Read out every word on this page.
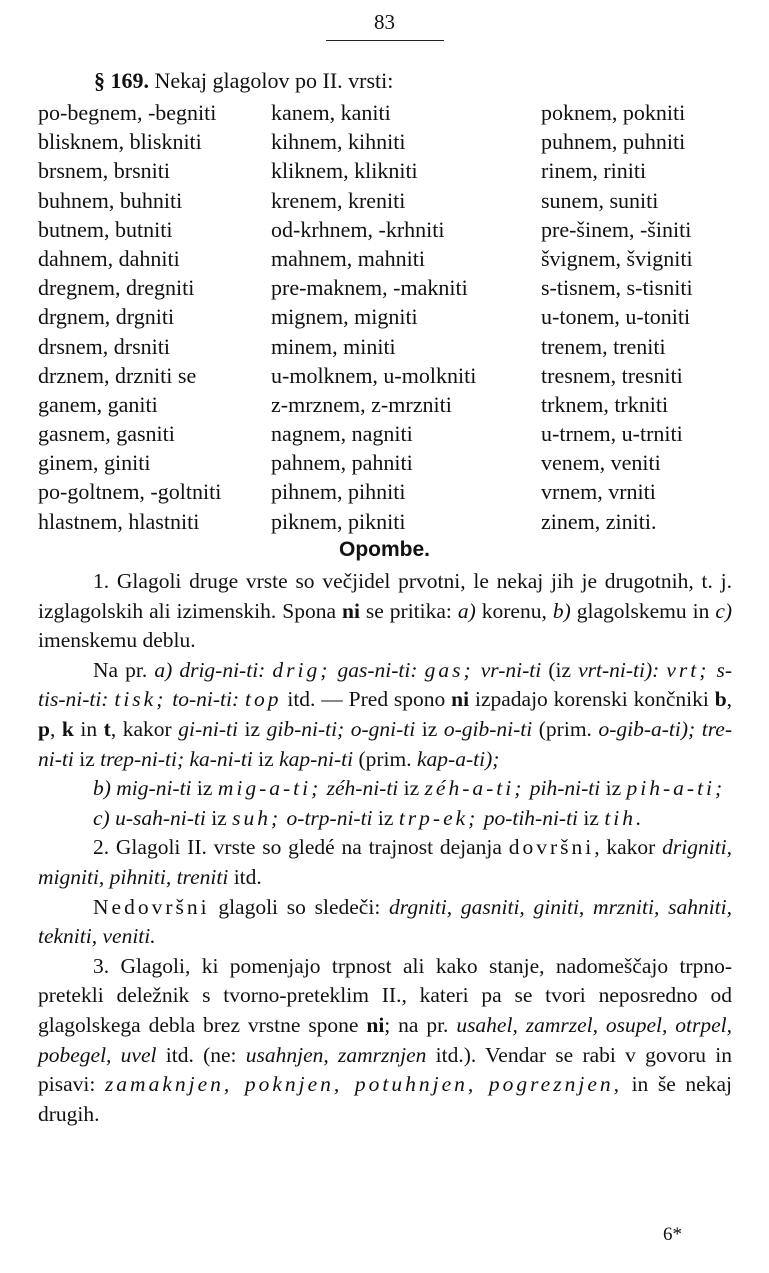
83
§ 169. Nekaj glagolov po II. vrsti:
po-begnem, -begniti
blisknem, bliskniti
brsnem, brsniti
buhnem, buhniti
butnem, butniti
dahnem, dahniti
dregnem, dregniti
drgnem, drgniti
drsnem, drsniti
drznem, drzniti se
ganem, ganiti
gasnem, gasniti
ginem, giniti
po-goltnem, -goltniti
hlastnem, hlastniti
kanem, kaniti
kihnem, kihniti
kliknem, klikniti
krenem, kreniti
od-krhnem, -krhniti
mahnem, mahniti
pre-maknem, -makniti
mignem, migniti
minem, miniti
u-molknem, u-molkniti
z-mrznem, z-mrzniti
nagnem, nagniti
pahnem, pahniti
pihnem, pihniti
piknem, pikniti
poknem, pokniti
puhnem, puhniti
rinem, riniti
sunem, suniti
pre-šinem, -šiniti
švignem, švigniti
s-tisnem, s-tisniti
u-tonem, u-toniti
trenem, treniti
tresnem, tresniti
trknem, trkniti
u-trnem, u-trniti
venem, veniti
vrnem, vrniti
zinem, ziniti.
Opombe.

1. Glagoli druge vrste so večjidel prvotni, le nekaj jih je drugotnih, t. j. izglagolskih ali izimenskih. Spona ni se pritika: a) korenu, b) glagolskemu in c) imenskemu deblu.

Na pr. a) drig-ni-ti: drig; gas-ni-ti: gas; vr-ni-ti (iz vrt-ni-ti): vrt; s-tis-ni-ti: tisk; to-ni-ti: top itd. — Pred spono ni izpadajo korenski končniki b, p, k in t, kakor gi-ni-ti iz gib-ni-ti; o-gni-ti iz o-gib-ni-ti (prim. o-gib-a-ti); tre-ni-ti iz trep-ni-ti; ka-ni-ti iz kap-ni-ti (prim. kap-a-ti);

b) mig-ni-ti iz mig-a-ti; zéh-ni-ti iz zéh-a-ti; pih-ni-ti iz pih-a-ti;

c) u-sah-ni-ti iz suh; o-trp-ni-ti iz trp-ek; po-tih-ni-ti iz tih.

2. Glagoli II. vrste so gledé na trajnost dejanja dovršni, kakor drigniti, migniti, pihniti, treniti itd.

Nedovršni glagoli so sledeči: drgniti, gasniti, giniti, mrzniti, sahniti, tekniti, veniti.

3. Glagoli, ki pomenjajo trpnost ali kako stanje, nadomeščajo trpno-pretekli deležnik s tvorno-preteklim II., kateri pa se tvori neposredno od glagolskega debla brez vrstne spone ni; na pr. usahel, zamrzel, osupel, otrpel, pobegel, uvel itd. (ne: usahnjen, zamrznjen itd.). Vendar se rabi v govoru in pisavi: zamaknjen, poknjen, potuhnjen, pogreznjen, in še nekaj drugih.

6*
